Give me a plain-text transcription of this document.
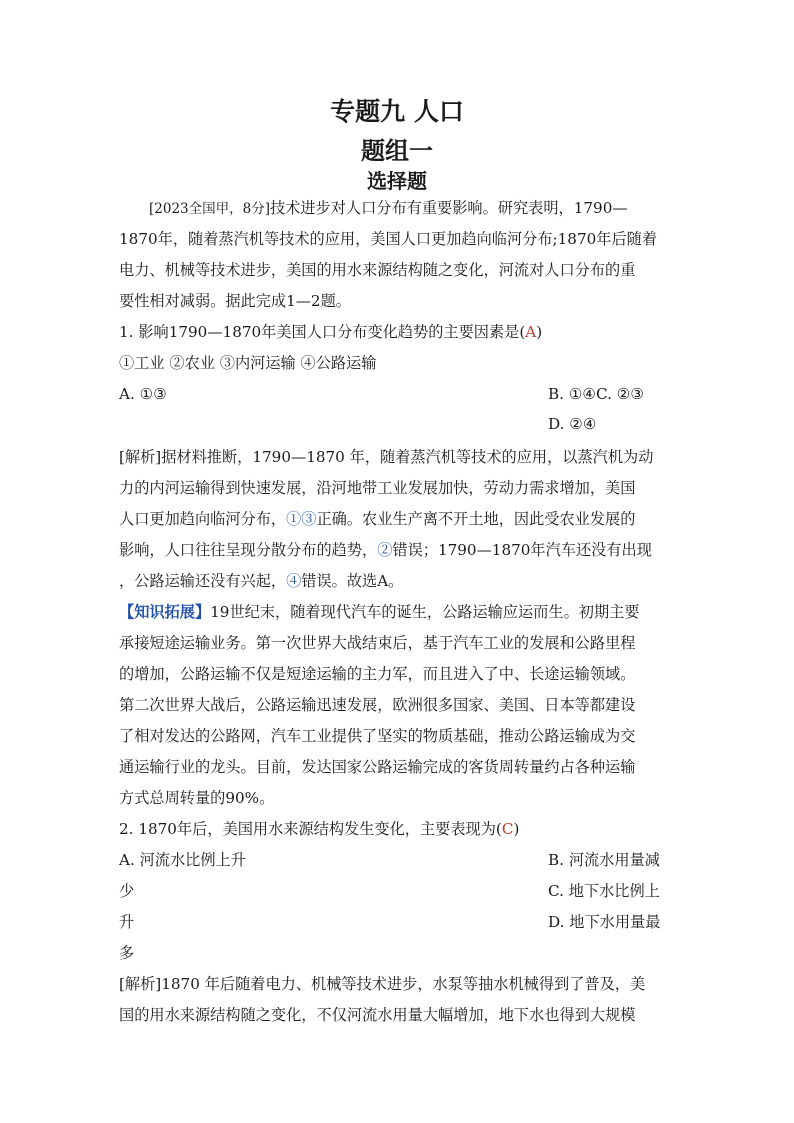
专题九 人口
题组一
选择题
[2023全国甲，8分]技术进步对人口分布有重要影响。研究表明，1790—
1870年，随着蒸汽机等技术的应用，美国人口更加趋向临河分布;1870年后随着
电力、机械等技术进步，美国的用水来源结构随之变化，河流对人口分布的重
要性相对减弱。据此完成1—2题。
1. 影响1790—1870年美国人口分布变化趋势的主要因素是(A)
①工业 ②农业 ③内河运输 ④公路运输
A. ①③	B. ①④C. ②③
D. ②④
[解析]据材料推断，1790—1870 年，随着蒸汽机等技术的应用，以蒸汽机为动
力的内河运输得到快速发展，沿河地带工业发展加快，劳动力需求增加，美国
人口更加趋向临河分布，①③正确。农业生产离不开土地，因此受农业发展的
影响，人口往往呈现分散分布的趋势，②错误；1790—1870年汽车还没有出现
，公路运输还没有兴起，④错误。故选A。
【知识拓展】19世纪末，随着现代汽车的诞生，公路运输应运而生。初期主要
承接短途运输业务。第一次世界大战结束后，基于汽车工业的发展和公路里程
的增加，公路运输不仅是短途运输的主力军，而且进入了中、长途运输领域。
第二次世界大战后，公路运输迅速发展，欧洲很多国家、美国、日本等都建设
了相对发达的公路网，汽车工业提供了坚实的物质基础，推动公路运输成为交
通运输行业的龙头。目前，发达国家公路运输完成的客货周转量约占各种运输
方式总周转量的90%。
2. 1870年后，美国用水来源结构发生变化，主要表现为(C)
A. 河流水比例上升	B. 河流水用量减
少	C. 地下水比例上
升	D. 地下水用量最
多
[解析]1870 年后随着电力、机械等技术进步，水泵等抽水机械得到了普及，美
国的用水来源结构随之变化，不仅河流水用量大幅增加，地下水也得到大规模
